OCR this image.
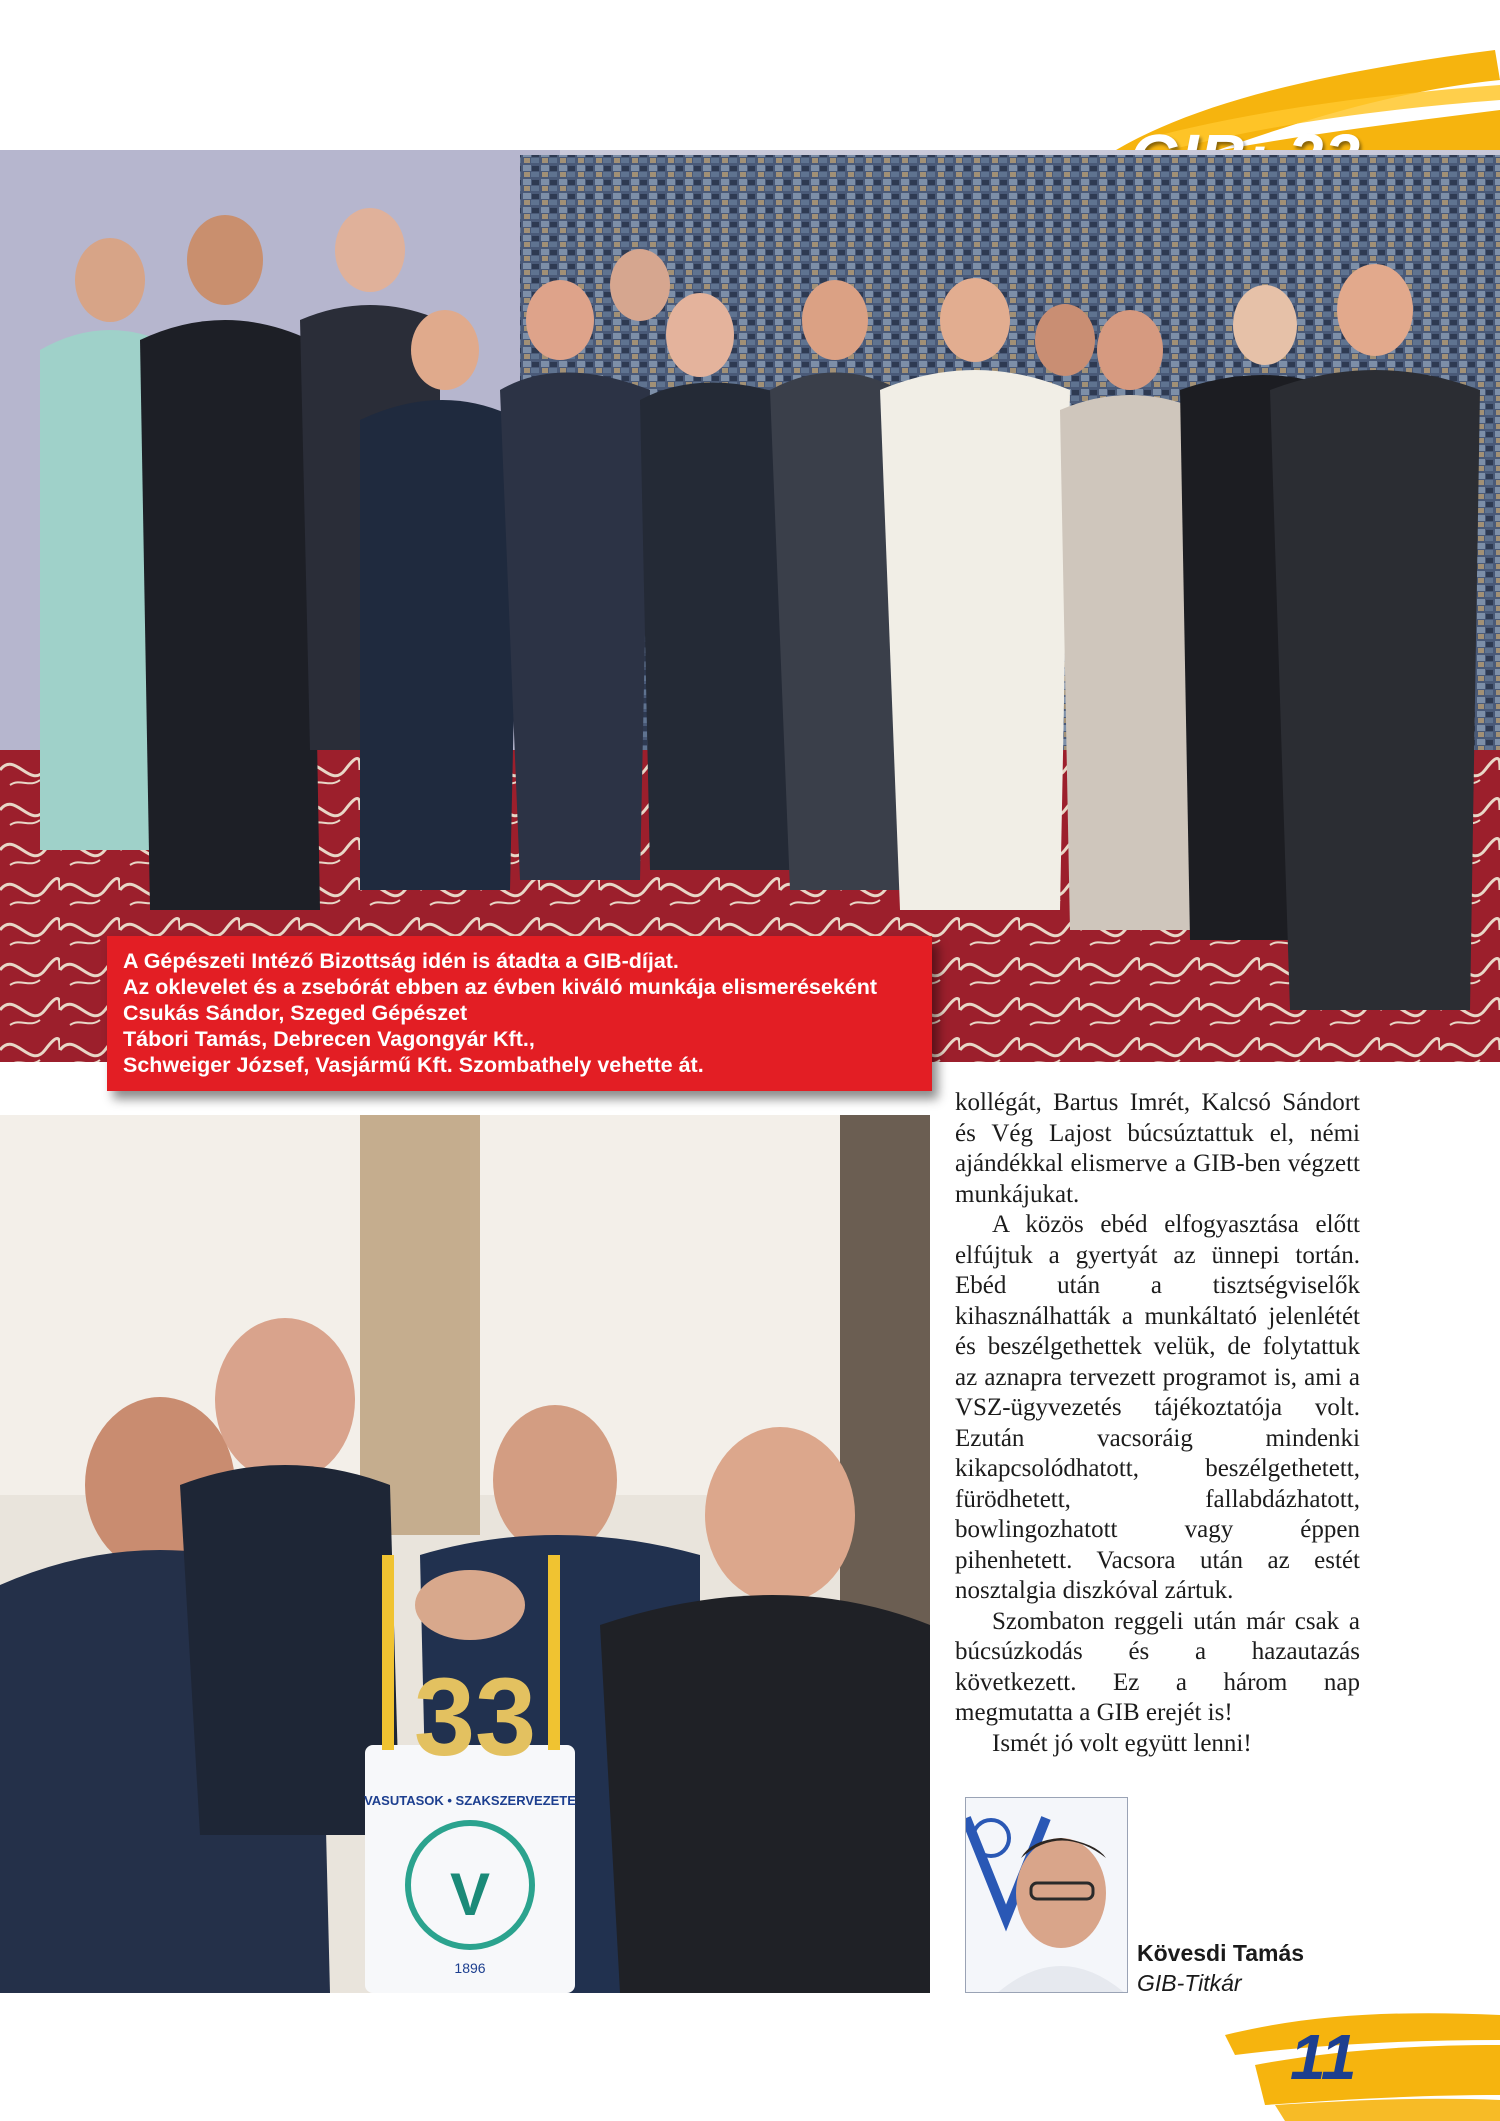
A Gépészeti Intéző Bizottság idén is átadta a GIB-díjat.
Az oklevelet és a zsebórát ebben az évben kiváló munkája elismeréseként
Csukás Sándor, Szeged Gépészet
Tábori Tamás, Debrecen Vagongyár Kft.,
Schweiger József, Vasjármű Kft. Szombathely vehette át.
V
VASUTASOK • SZAKSZERVEZETE
1896
33

kollégát, Bartus Imrét, Kalcsó Sándort és Vég Lajost búcsúztattuk el, némi ajándékkal elismerve a GIB-ben végzett munkájukat.

A közös ebéd elfogyasztása előtt elfújtuk a gyertyát az ünnepi tortán. Ebéd után a tisztségviselők kihasználhatták a munkáltató jelenlétét és beszélgethettek velük, de folytattuk az aznapra tervezett programot is, ami a VSZ-ügyvezetés tájékoztatója volt. Ezután vacsoráig mindenki kikapcsolódhatott, beszélgethetett, fürödhetett, fallabdázhatott, bowlingozhatott vagy éppen pihenhetett. Vacsora után az estét nosztalgia diszkóval zártuk.

Szombaton reggeli után már csak a búcsúzkodás és a hazautazás következett. Ez a három nap megmutatta a GIB erejét is!

Ismét jó volt együtt lenni!

Kövesdi Tamás
GIB-Titkár
11
